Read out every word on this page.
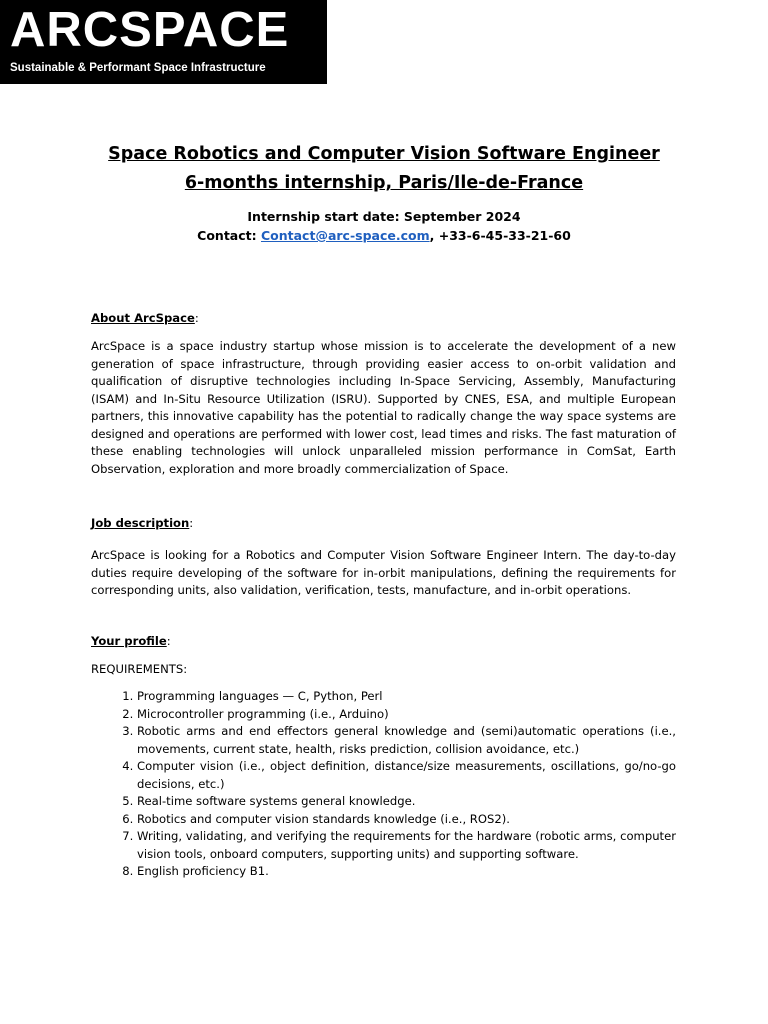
ARCSPACE
Sustainable & Performant Space Infrastructure
Space Robotics and Computer Vision Software Engineer
6-months internship, Paris/Ile-de-France
Internship start date: September 2024
Contact: Contact@arc-space.com, +33-6-45-33-21-60
About ArcSpace:
ArcSpace is a space industry startup whose mission is to accelerate the development of a new generation of space infrastructure, through providing easier access to on-orbit validation and qualification of disruptive technologies including In-Space Servicing, Assembly, Manufacturing (ISAM) and In-Situ Resource Utilization (ISRU). Supported by CNES, ESA, and multiple European partners, this innovative capability has the potential to radically change the way space systems are designed and operations are performed with lower cost, lead times and risks. The fast maturation of these enabling technologies will unlock unparalleled mission performance in ComSat, Earth Observation, exploration and more broadly commercialization of Space.
Job description:
ArcSpace is looking for a Robotics and Computer Vision Software Engineer Intern. The day-to-day duties require developing of the software for in-orbit manipulations, defining the requirements for corresponding units, also validation, verification, tests, manufacture, and in-orbit operations.
Your profile:
REQUIREMENTS:
1. Programming languages — C, Python, Perl
2. Microcontroller programming (i.e., Arduino)
3. Robotic arms and end effectors general knowledge and (semi)automatic operations (i.e., movements, current state, health, risks prediction, collision avoidance, etc.)
4. Computer vision (i.e., object definition, distance/size measurements, oscillations, go/no-go decisions, etc.)
5. Real-time software systems general knowledge.
6. Robotics and computer vision standards knowledge (i.e., ROS2).
7. Writing, validating, and verifying the requirements for the hardware (robotic arms, computer vision tools, onboard computers, supporting units) and supporting software.
8. English proficiency B1.
